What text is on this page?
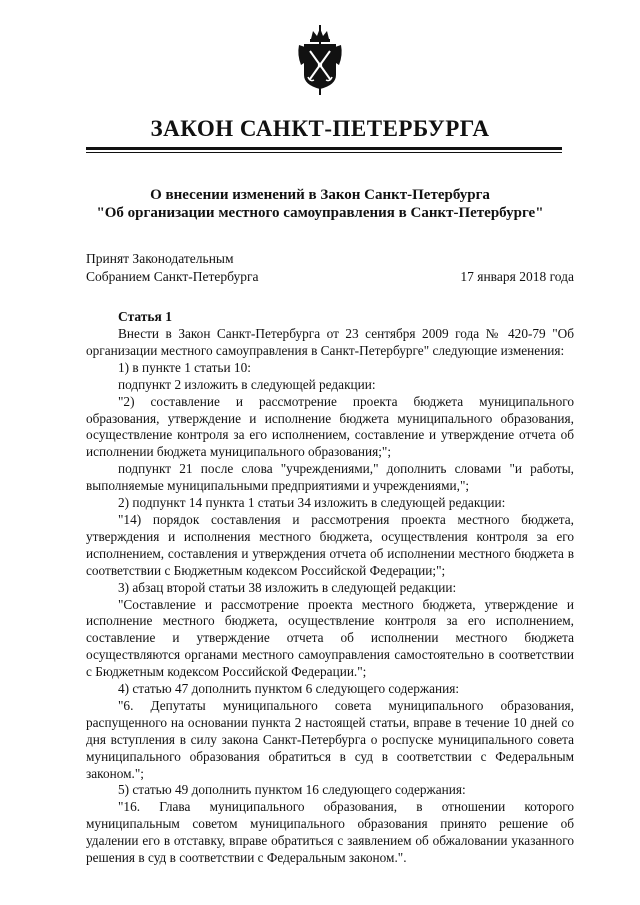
ЗАКОН САНКТ-ПЕТЕРБУРГА
О внесении изменений в Закон Санкт-Петербурга
"Об организации местного самоуправления в Санкт-Петербурге"
Принят Законодательным
Собранием Санкт-Петербурга	17 января 2018 года
Статья 1

Внести в Закон Санкт-Петербурга от 23 сентября 2009 года № 420-79 "Об организации местного самоуправления в Санкт-Петербурге" следующие изменения:

1) в пункте 1 статьи 10:

подпункт 2 изложить в следующей редакции:

"2) составление и рассмотрение проекта бюджета муниципального образования, утверждение и исполнение бюджета муниципального образования, осуществление контроля за его исполнением, составление и утверждение отчета об исполнении бюджета муниципального образования;";

подпункт 21 после слова "учреждениями," дополнить словами "и работы, выполняемые муниципальными предприятиями и учреждениями,";

2) подпункт 14 пункта 1 статьи 34 изложить в следующей редакции:

"14) порядок составления и рассмотрения проекта местного бюджета, утверждения и исполнения местного бюджета, осуществления контроля за его исполнением, составления и утверждения отчета об исполнении местного бюджета в соответствии с Бюджетным кодексом Российской Федерации;";

3) абзац второй статьи 38 изложить в следующей редакции:

"Составление и рассмотрение проекта местного бюджета, утверждение и исполнение местного бюджета, осуществление контроля за его исполнением, составление и утверждение отчета об исполнении местного бюджета осуществляются органами местного самоуправления самостоятельно в соответствии с Бюджетным кодексом Российской Федерации.";

4) статью 47 дополнить пунктом 6 следующего содержания:

"6. Депутаты муниципального совета муниципального образования, распущенного на основании пункта 2 настоящей статьи, вправе в течение 10 дней со дня вступления в силу закона Санкт-Петербурга о роспуске муниципального совета муниципального образования обратиться в суд в соответствии с Федеральным законом.";

5) статью 49 дополнить пунктом 16 следующего содержания:

"16. Глава муниципального образования, в отношении которого муниципальным советом муниципального образования принято решение об удалении его в отставку, вправе обратиться с заявлением об обжаловании указанного решения в суд в соответствии с Федеральным законом.".
